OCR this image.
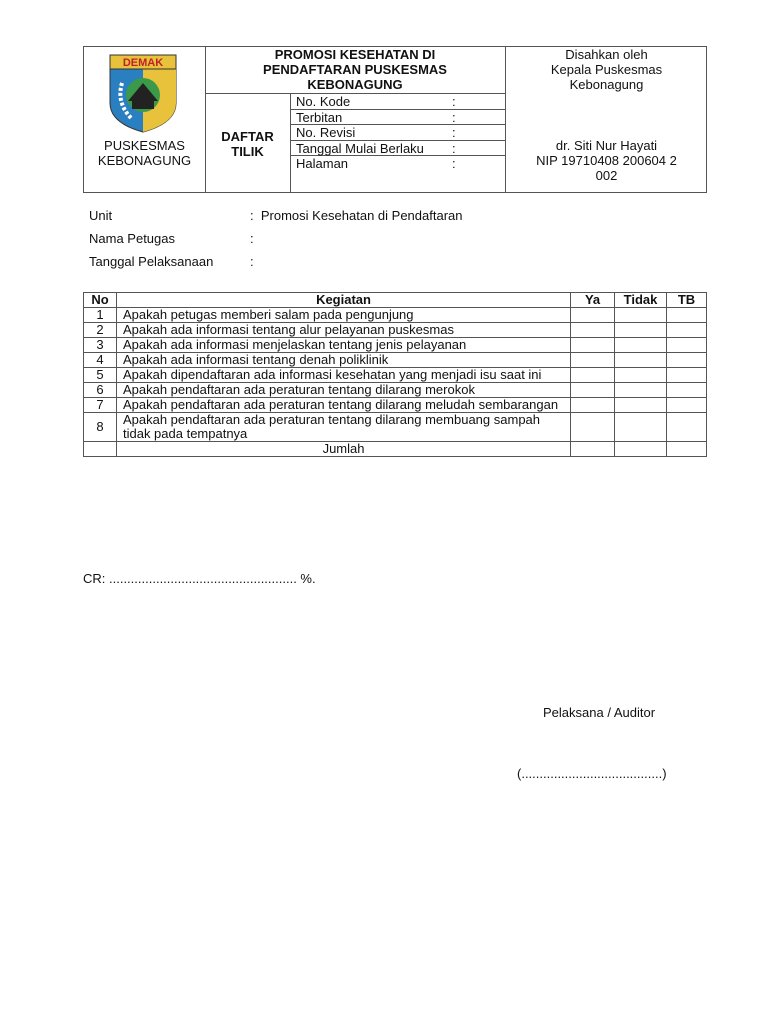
DEMAK
PUSKESMAS
KEBONAGUNG
PROMOSI KESEHATAN DI
PENDAFTARAN PUSKESMAS
KEBONAGUNG
DAFTAR
TILIK
No. Kode	:
Terbitan	:
No. Revisi	:
Tanggal Mulai Berlaku :
Halaman	:
Disahkan oleh
Kepala Puskesmas
Kebonagung
dr. Siti Nur Hayati
NIP 19710408 200604 2
002
Unit	: Promosi Kesehatan di Pendaftaran
Nama Petugas	:
Tanggal Pelaksanaan	:
No	Kegiatan	Ya	Tidak	TB
1	Apakah petugas memberi salam pada pengunjung			
2	Apakah ada informasi tentang alur pelayanan puskesmas			
3	Apakah ada informasi menjelaskan tentang jenis pelayanan			
4	Apakah ada informasi tentang denah poliklinik			
5	Apakah dipendaftaran ada informasi kesehatan yang menjadi isu saat ini			
6	Apakah pendaftaran ada peraturan tentang dilarang merokok			
7	Apakah pendaftaran ada peraturan tentang dilarang meludah sembarangan			
8	Apakah pendaftaran ada peraturan tentang dilarang membuang sampah tidak pada tempatnya			
	Jumlah			
CR: .................................................... %.
Pelaksana / Auditor
(.......................................)
